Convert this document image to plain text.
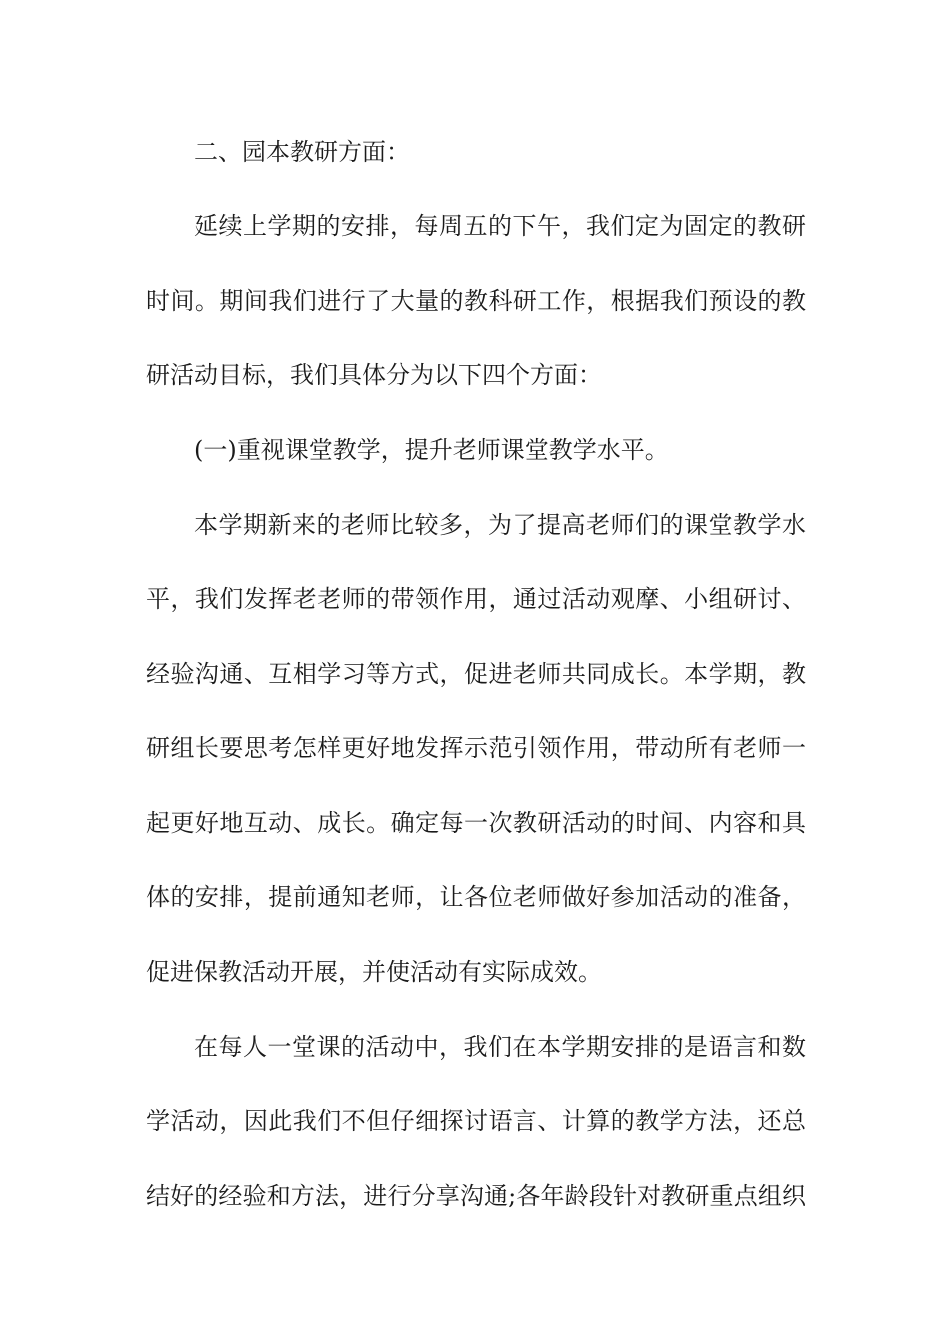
二、园本教研方面：
延续上学期的安排，每周五的下午，我们定为固定的教研
时间。期间我们进行了大量的教科研工作，根据我们预设的教
研活动目标，我们具体分为以下四个方面：
(一)重视课堂教学，提升老师课堂教学水平。
本学期新来的老师比较多，为了提高老师们的课堂教学水
平，我们发挥老老师的带领作用，通过活动观摩、小组研讨、
经验沟通、互相学习等方式，促进老师共同成长。本学期，教
研组长要思考怎样更好地发挥示范引领作用，带动所有老师一
起更好地互动、成长。确定每一次教研活动的时间、内容和具
体的安排，提前通知老师，让各位老师做好参加活动的准备，
促进保教活动开展，并使活动有实际成效。
在每人一堂课的活动中，我们在本学期安排的是语言和数
学活动，因此我们不但仔细探讨语言、计算的教学方法，还总
结好的经验和方法，进行分享沟通;各年龄段针对教研重点组织
